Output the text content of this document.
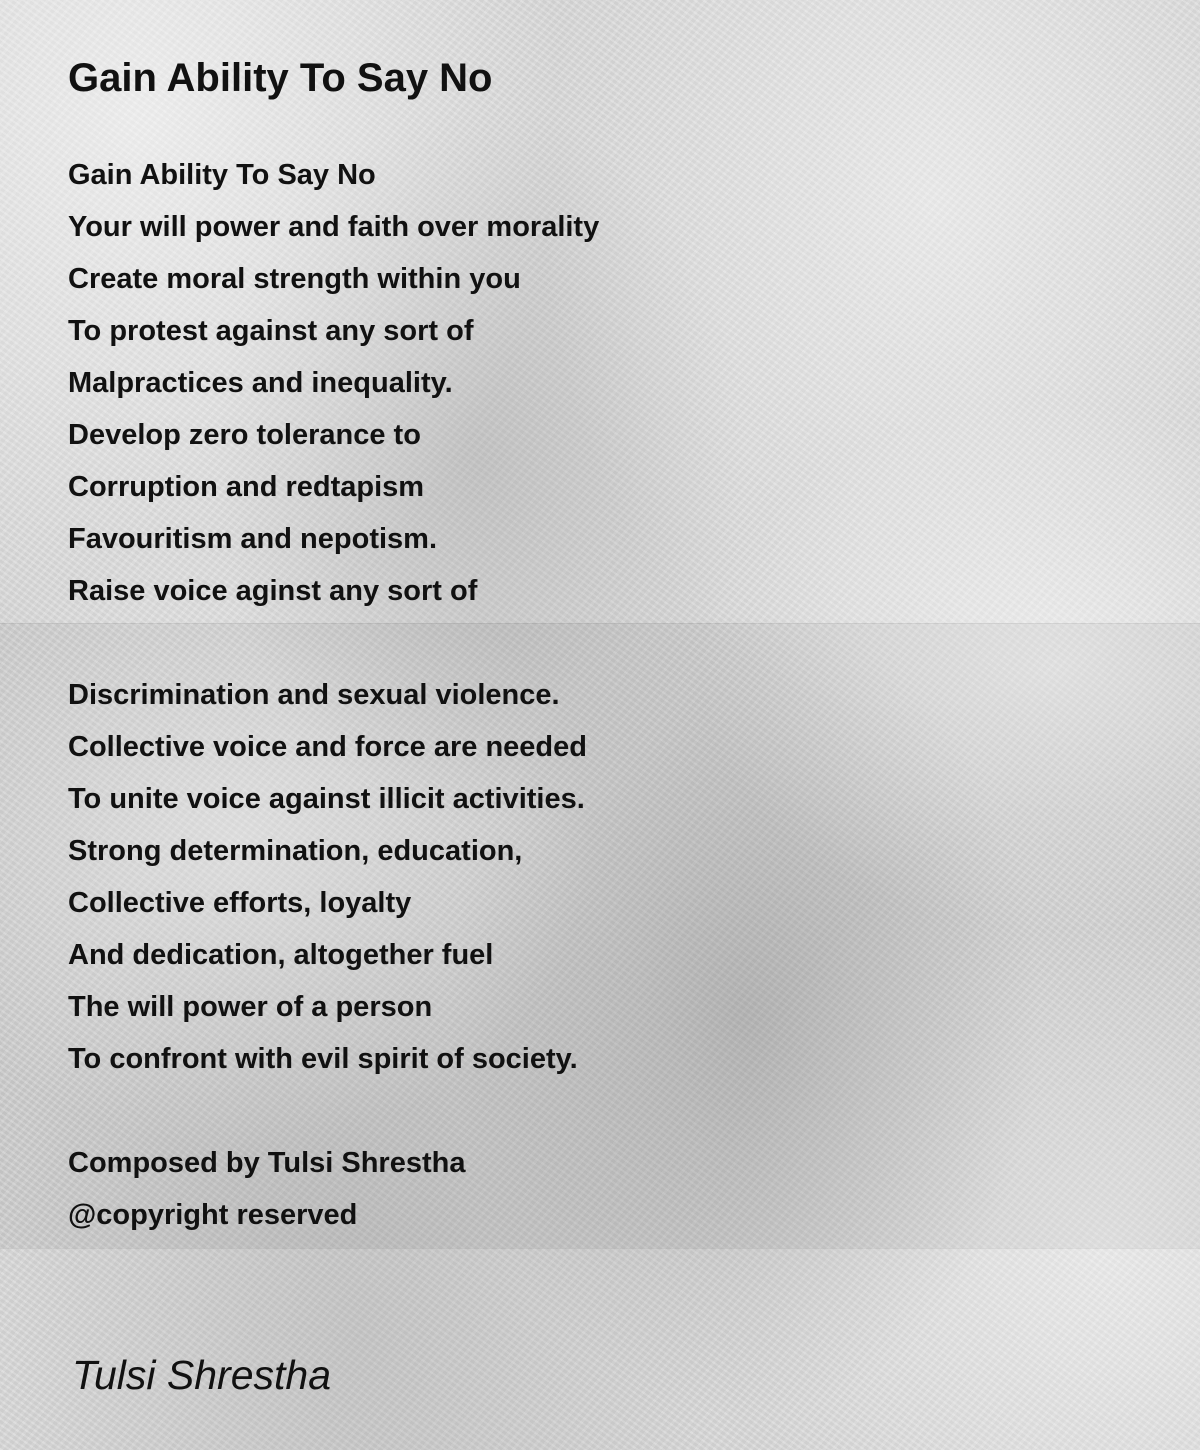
Gain Ability To Say No
Gain Ability To Say No
Your will power and faith over morality
Create moral strength within you
To protest against any sort of
Malpractices and inequality.
Develop zero tolerance to
Corruption and redtapism
Favouritism and nepotism.
Raise voice aginst any sort of
Discrimination and sexual violence.
Collective voice and force are needed
To unite voice against illicit activities.
Strong determination, education,
Collective efforts, loyalty
And dedication, altogether fuel
The will power of a person
To confront with evil spirit of society.
Composed by Tulsi Shrestha
@copyright reserved

Tulsi Shrestha
